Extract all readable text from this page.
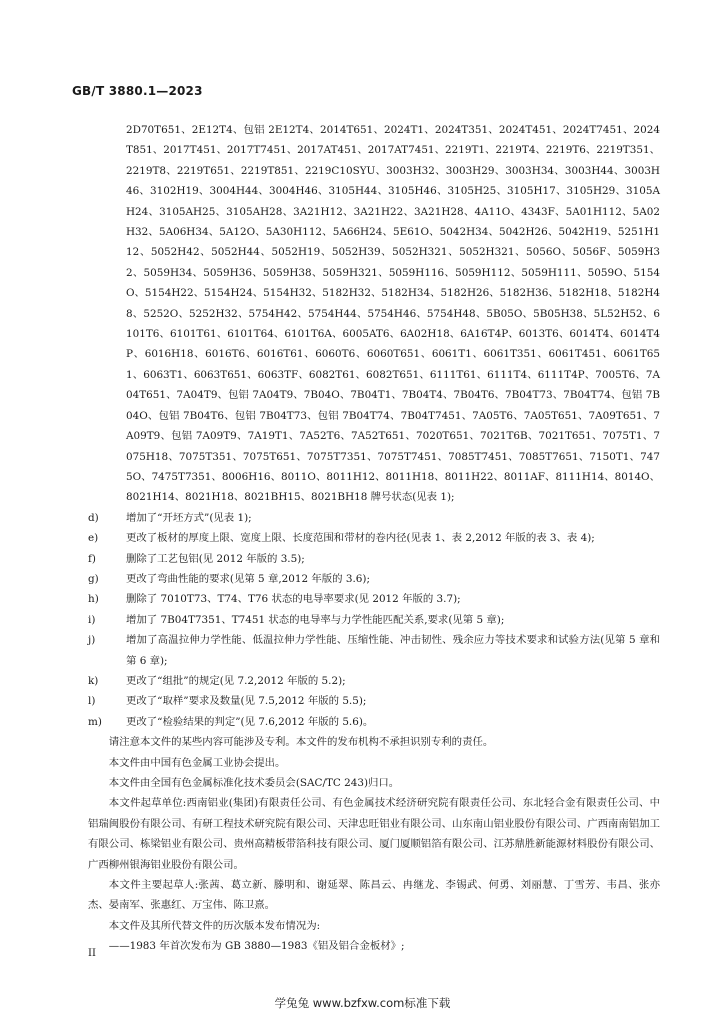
GB/T 3880.1—2023

2D70T651、2E12T4、包铝 2E12T4、2014T651、2024T1、2024T351、2024T451、2024T7451、2024T851、2017T451、2017T7451、2017AT451、2017AT7451、2219T1、2219T4、2219T6、2219T351、2219T8、2219T651、2219T851、2219C10SYU、3003H32、3003H29、3003H34、3003H44、3003H46、3102H19、3004H44、3004H46、3105H44、3105H46、3105H25、3105H17、3105H29、3105AH24、3105AH25、3105AH28、3A21H12、3A21H22、3A21H28、4A11O、4343F、5A01H112、5A02H32、5A06H34、5A12O、5A30H112、5A66H24、5E61O、5042H34、5042H26、5042H19、5251H112、5052H42、5052H44、5052H19、5052H39、5052H321、5052H321、5056O、5056F、5059H32、5059H34、5059H36、5059H38、5059H321、5059H116、5059H112、5059H111、5059O、5154O、5154H22、5154H24、5154H32、5182H32、5182H34、5182H26、5182H36、5182H18、5182H48、5252O、5252H32、5754H42、5754H44、5754H46、5754H48、5B05O、5B05H38、5L52H52、6101T6、6101T61、6101T64、6101T6A、6005AT6、6A02H18、6A16T4P、6013T6、6014T4、6014T4P、6016H18、6016T6、6016T61、6060T6、6060T651、6061T1、6061T351、6061T451、6061T651、6063T1、6063T651、6063TF、6082T61、6082T651、6111T61、6111T4、6111T4P、7005T6、7A04T651、7A04T9、包铝 7A04T9、7B04O、7B04T1、7B04T4、7B04T6、7B04T73、7B04T74、包铝 7B04O、包铝 7B04T6、包铝 7B04T73、包铝 7B04T74、7B04T7451、7A05T6、7A05T651、7A09T651、7A09T9、包铝 7A09T9、7A19T1、7A52T6、7A52T651、7020T651、7021T6B、7021T651、7075T1、7075H18、7075T351、7075T651、7075T7351、7075T7451、7085T7451、7085T7651、7150T1、7475O、7475T7351、8006H16、8011O、8011H12、8011H18、8011H22、8011AF、8111H14、8014O、8021H14、8021H18、8021BH15、8021BH18 牌号状态(见表 1);

d)	增加了“开坯方式”(见表 1);
e)	更改了板材的厚度上限、宽度上限、长度范围和带材的卷内径(见表 1、表 2,2012 年版的表 3、表 4);
f)	删除了工艺包铝(见 2012 年版的 3.5);
g)	更改了弯曲性能的要求(见第 5 章,2012 年版的 3.6);
h)	删除了 7010T73、T74、T76 状态的电导率要求(见 2012 年版的 3.7);
i)	增加了 7B04T7351、T7451 状态的电导率与力学性能匹配关系,要求(见第 5 章);
j)	增加了高温拉伸力学性能、低温拉伸力学性能、压缩性能、冲击韧性、残余应力等技术要求和试验方法(见第 5 章和第 6 章);
k)	更改了“组批”的规定(见 7.2,2012 年版的 5.2);
l)	更改了“取样”要求及数量(见 7.5,2012 年版的 5.5);
m)	更改了“检验结果的判定”(见 7.6,2012 年版的 5.6)。

请注意本文件的某些内容可能涉及专利。本文件的发布机构不承担识别专利的责任。

本文件由中国有色金属工业协会提出。

本文件由全国有色金属标准化技术委员会(SAC/TC 243)归口。

本文件起草单位:西南铝业(集团)有限责任公司、有色金属技术经济研究院有限责任公司、东北轻合金有限责任公司、中铝瑞闽股份有限公司、有研工程技术研究院有限公司、天津忠旺铝业有限公司、山东南山铝业股份有限公司、广西南南铝加工有限公司、栋梁铝业有限公司、贵州高精板带箔科技有限公司、厦门厦顺铝箔有限公司、江苏鼎胜新能源材料股份有限公司、广西柳州银海铝业股份有限公司。

本文件主要起草人:张茜、葛立新、滕明和、谢延翠、陈昌云、冉继龙、李锡武、何勇、刘丽慧、丁雪芳、韦昌、张亦杰、晏南军、张惠红、万宝伟、陈卫熹。

本文件及其所代替文件的历次版本发布情况为:

——1983 年首次发布为 GB 3880—1983《铝及铝合金板材》;

II
学兔兔 www.bzfxw.com标准下载
